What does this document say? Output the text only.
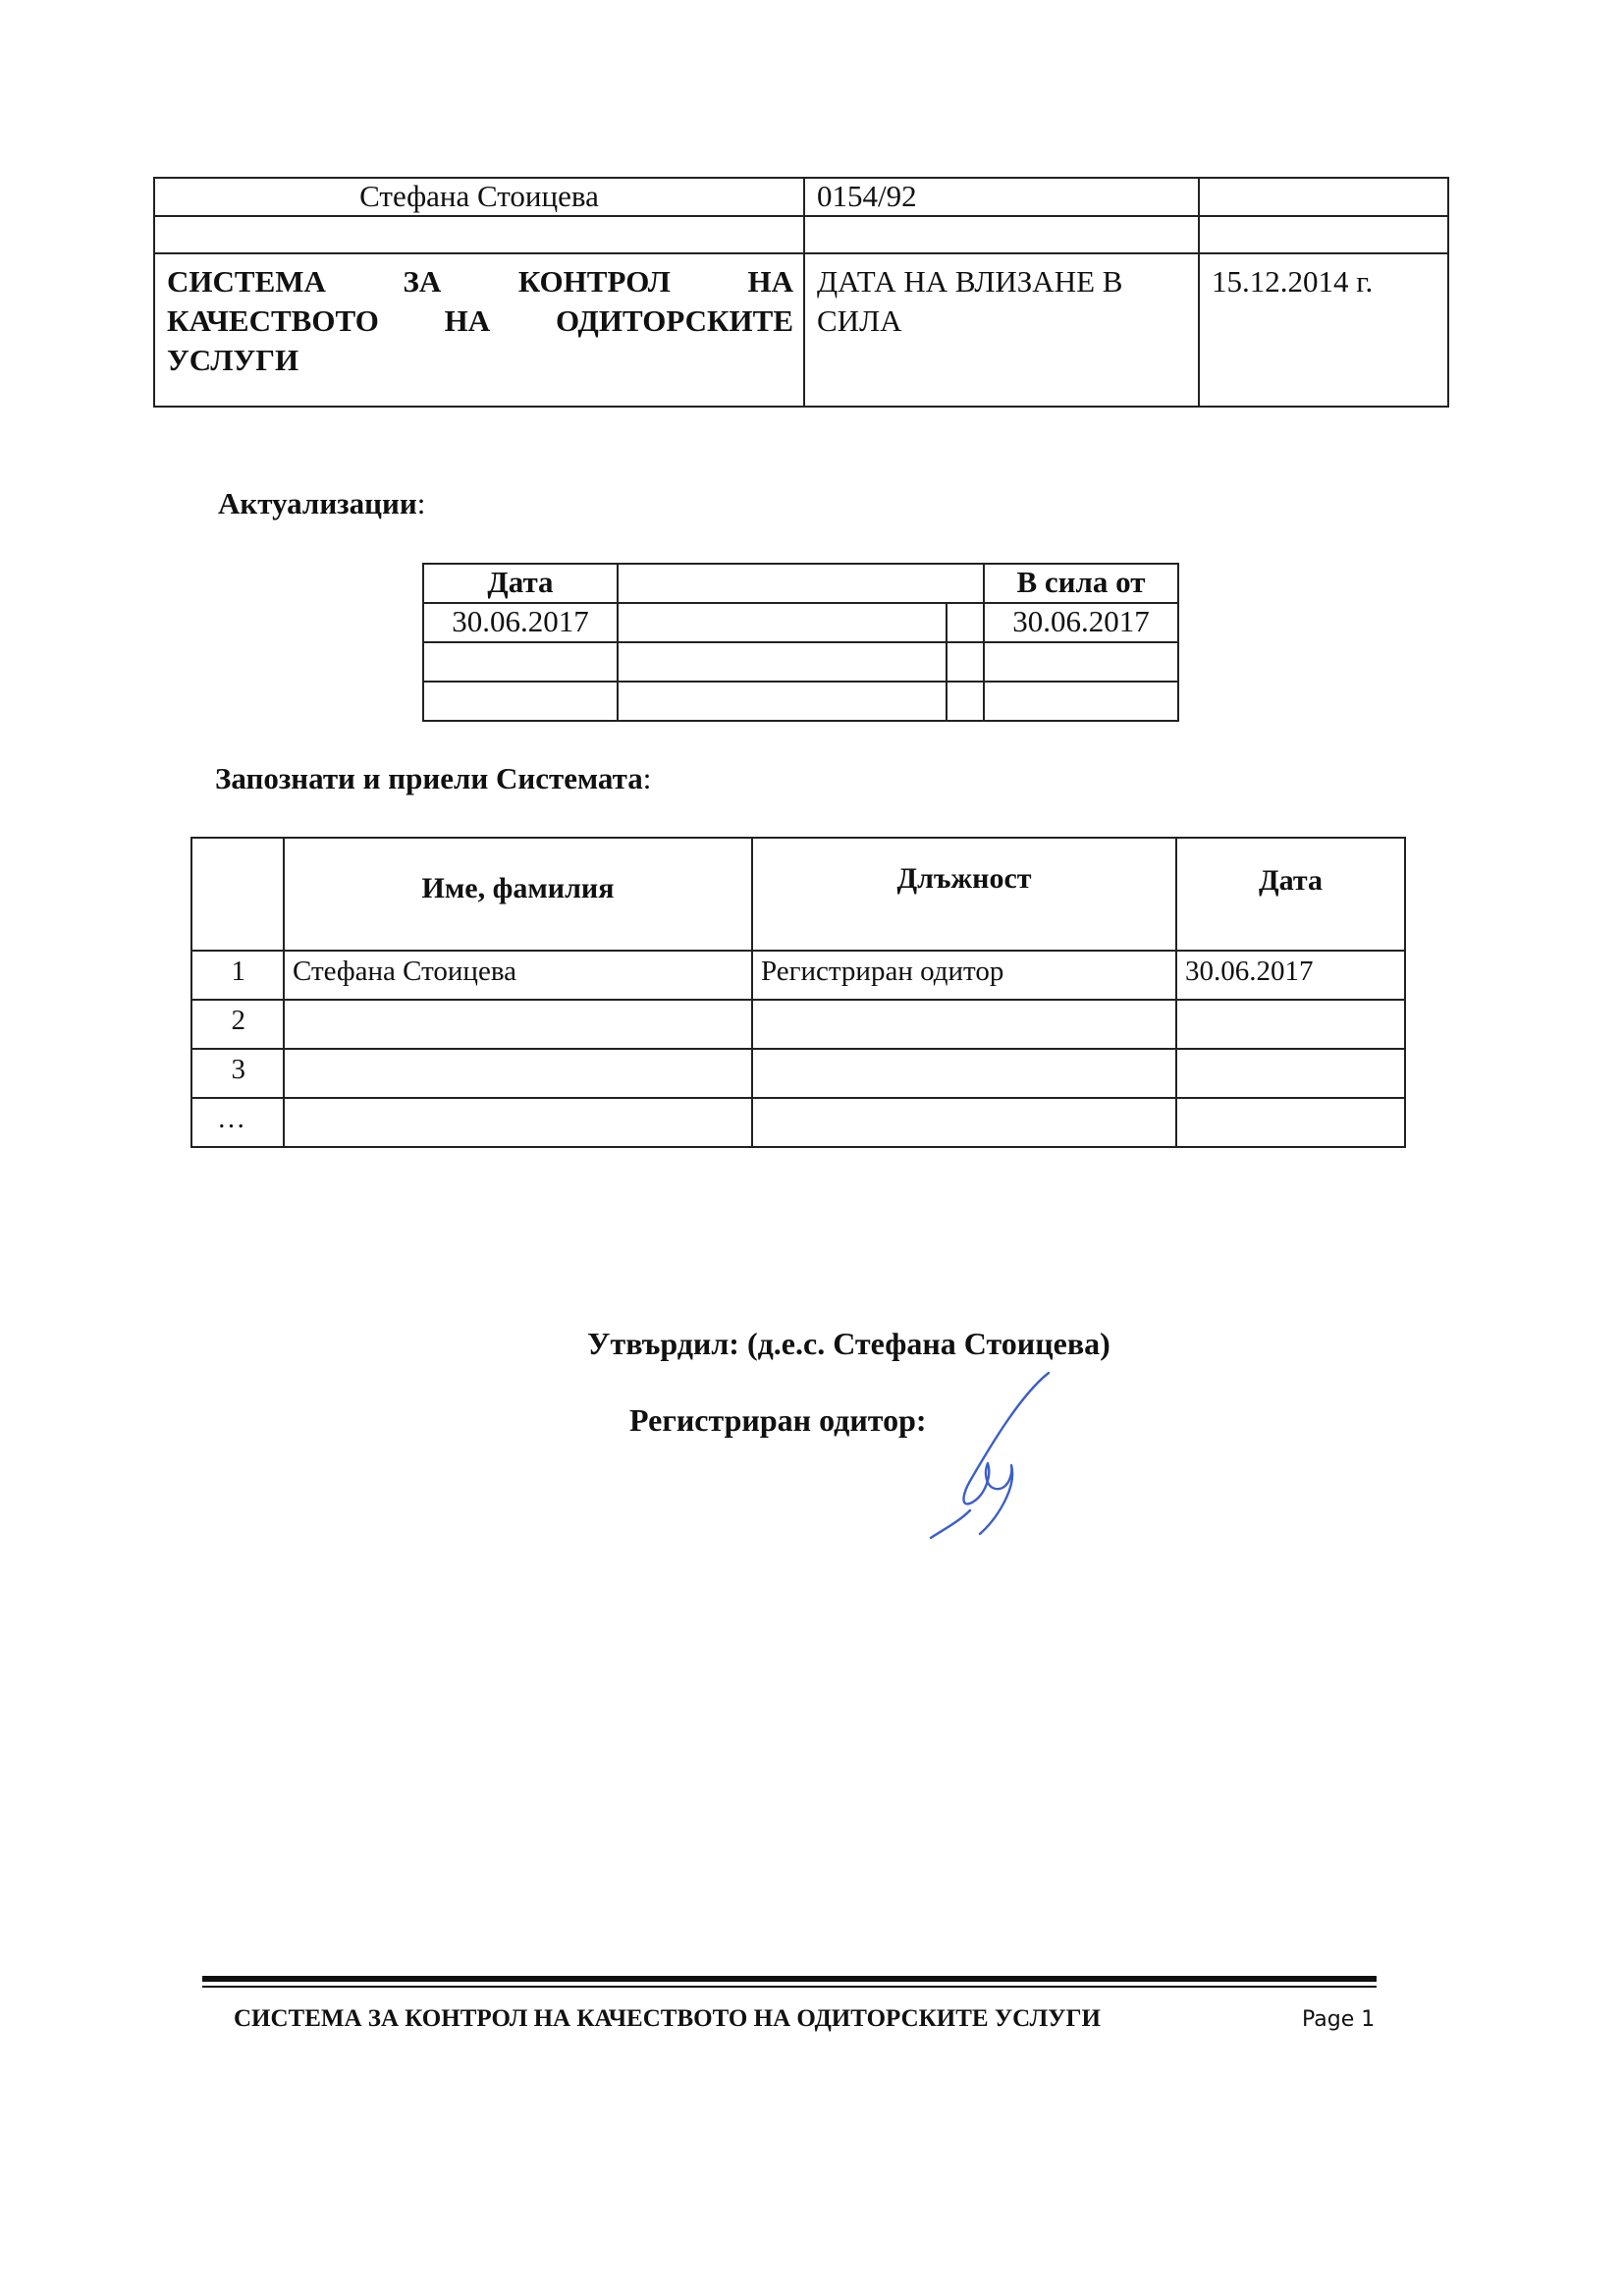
Стефана Стоицева	0154/92	

СИСТЕМА ЗА КОНТРОЛ НА КАЧЕСТВОТО НА ОДИТОРСКИТЕ УСЛУГИ	ДАТА НА ВЛИЗАНЕ В СИЛА	15.12.2014 г.
Актуализации:
Дата			В сила от
30.06.2017			30.06.2017

Запознати и приели Системата:
	Име, фамилия	Длъжност	Дата
1	Стефана Стоицева	Регистриран одитор	30.06.2017
2			
3			
…			
Утвърдил: (д.е.с. Стефана Стоицева)
Регистриран одитор:
СИСТЕМА ЗА КОНТРОЛ НА КАЧЕСТВОТО НА ОДИТОРСКИТЕ УСЛУГИ	Page 1
